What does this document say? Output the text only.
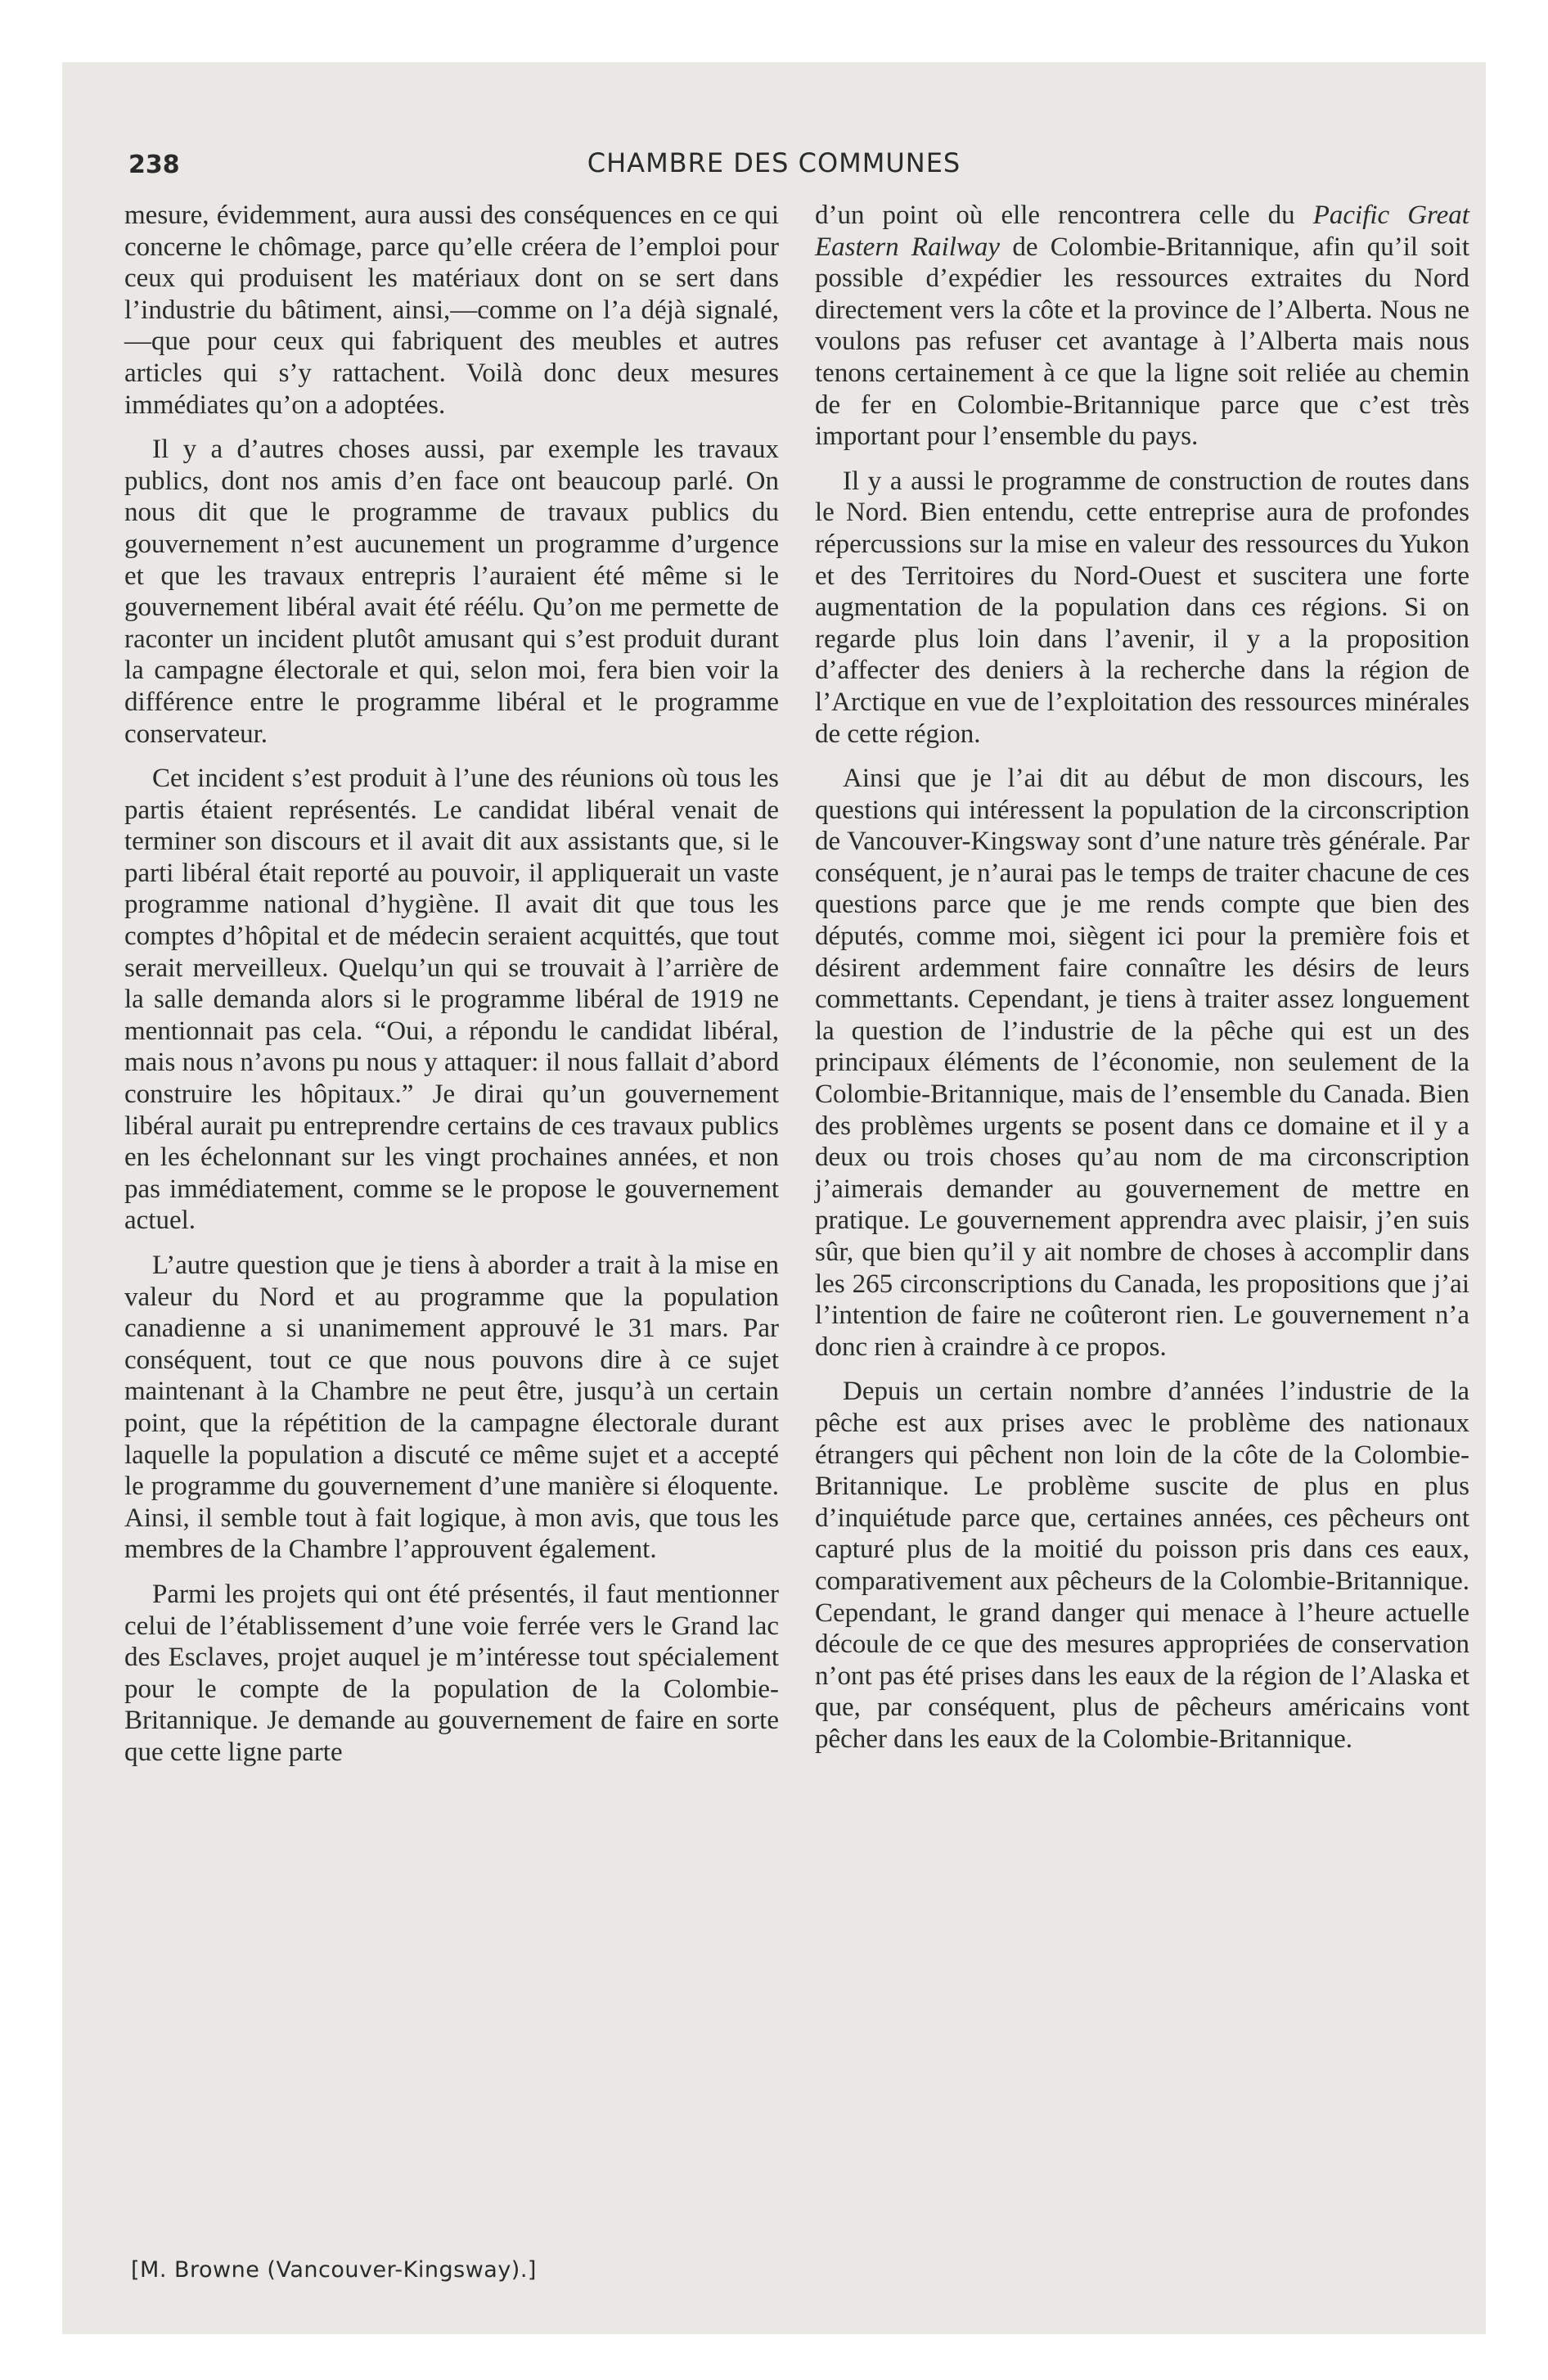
238	CHAMBRE DES COMMUNES

mesure, évidemment, aura aussi des conséquences en ce qui concerne le chômage, parce qu’elle créera de l’emploi pour ceux qui produisent les matériaux dont on se sert dans l’industrie du bâtiment, ainsi,—comme on l’a déjà signalé,—que pour ceux qui fabriquent des meubles et autres articles qui s’y rattachent. Voilà donc deux mesures immédiates qu’on a adoptées.

Il y a d’autres choses aussi, par exemple les travaux publics, dont nos amis d’en face ont beaucoup parlé. On nous dit que le programme de travaux publics du gouvernement n’est aucunement un programme d’urgence et que les travaux entrepris l’auraient été même si le gouvernement libéral avait été réélu. Qu’on me permette de raconter un incident plutôt amusant qui s’est produit durant la campagne électorale et qui, selon moi, fera bien voir la différence entre le programme libéral et le programme conservateur.

Cet incident s’est produit à l’une des réunions où tous les partis étaient représentés. Le candidat libéral venait de terminer son discours et il avait dit aux assistants que, si le parti libéral était reporté au pouvoir, il appliquerait un vaste programme national d’hygiène. Il avait dit que tous les comptes d’hôpital et de médecin seraient acquittés, que tout serait merveilleux. Quelqu’un qui se trouvait à l’arrière de la salle demanda alors si le programme libéral de 1919 ne mentionnait pas cela. “Oui, a répondu le candidat libéral, mais nous n’avons pu nous y attaquer: il nous fallait d’abord construire les hôpitaux.” Je dirai qu’un gouvernement libéral aurait pu entreprendre certains de ces travaux publics en les échelonnant sur les vingt prochaines années, et non pas immédiatement, comme se le propose le gouvernement actuel.

L’autre question que je tiens à aborder a trait à la mise en valeur du Nord et au programme que la population canadienne a si unanimement approuvé le 31 mars. Par conséquent, tout ce que nous pouvons dire à ce sujet maintenant à la Chambre ne peut être, jusqu’à un certain point, que la répétition de la campagne électorale durant laquelle la population a discuté ce même sujet et a accepté le programme du gouvernement d’une manière si éloquente. Ainsi, il semble tout à fait logique, à mon avis, que tous les membres de la Chambre l’approuvent également.

Parmi les projets qui ont été présentés, il faut mentionner celui de l’établissement d’une voie ferrée vers le Grand lac des Esclaves, projet auquel je m’intéresse tout spécialement pour le compte de la population de la Colombie-Britannique. Je demande au gouvernement de faire en sorte que cette ligne parte

d’un point où elle rencontrera celle du Pacific Great Eastern Railway de Colombie-Britannique, afin qu’il soit possible d’expédier les ressources extraites du Nord directement vers la côte et la province de l’Alberta. Nous ne voulons pas refuser cet avantage à l’Alberta mais nous tenons certainement à ce que la ligne soit reliée au chemin de fer en Colombie-Britannique parce que c’est très important pour l’ensemble du pays.

Il y a aussi le programme de construction de routes dans le Nord. Bien entendu, cette entreprise aura de profondes répercussions sur la mise en valeur des ressources du Yukon et des Territoires du Nord-Ouest et suscitera une forte augmentation de la population dans ces régions. Si on regarde plus loin dans l’avenir, il y a la proposition d’affecter des deniers à la recherche dans la région de l’Arctique en vue de l’exploitation des ressources minérales de cette région.

Ainsi que je l’ai dit au début de mon discours, les questions qui intéressent la population de la circonscription de Vancouver-Kingsway sont d’une nature très générale. Par conséquent, je n’aurai pas le temps de traiter chacune de ces questions parce que je me rends compte que bien des députés, comme moi, siègent ici pour la première fois et désirent ardemment faire connaître les désirs de leurs commettants. Cependant, je tiens à traiter assez longuement la question de l’industrie de la pêche qui est un des principaux éléments de l’économie, non seulement de la Colombie-Britannique, mais de l’ensemble du Canada. Bien des problèmes urgents se posent dans ce domaine et il y a deux ou trois choses qu’au nom de ma circonscription j’aimerais demander au gouvernement de mettre en pratique. Le gouvernement apprendra avec plaisir, j’en suis sûr, que bien qu’il y ait nombre de choses à accomplir dans les 265 circonscriptions du Canada, les propositions que j’ai l’intention de faire ne coûteront rien. Le gouvernement n’a donc rien à craindre à ce propos.

Depuis un certain nombre d’années l’industrie de la pêche est aux prises avec le problème des nationaux étrangers qui pêchent non loin de la côte de la Colombie-Britannique. Le problème suscite de plus en plus d’inquiétude parce que, certaines années, ces pêcheurs ont capturé plus de la moitié du poisson pris dans ces eaux, comparativement aux pêcheurs de la Colombie-Britannique. Cependant, le grand danger qui menace à l’heure actuelle découle de ce que des mesures appropriées de conservation n’ont pas été prises dans les eaux de la région de l’Alaska et que, par conséquent, plus de pêcheurs américains vont pêcher dans les eaux de la Colombie-Britannique.

[M. Browne (Vancouver-Kingsway).]
